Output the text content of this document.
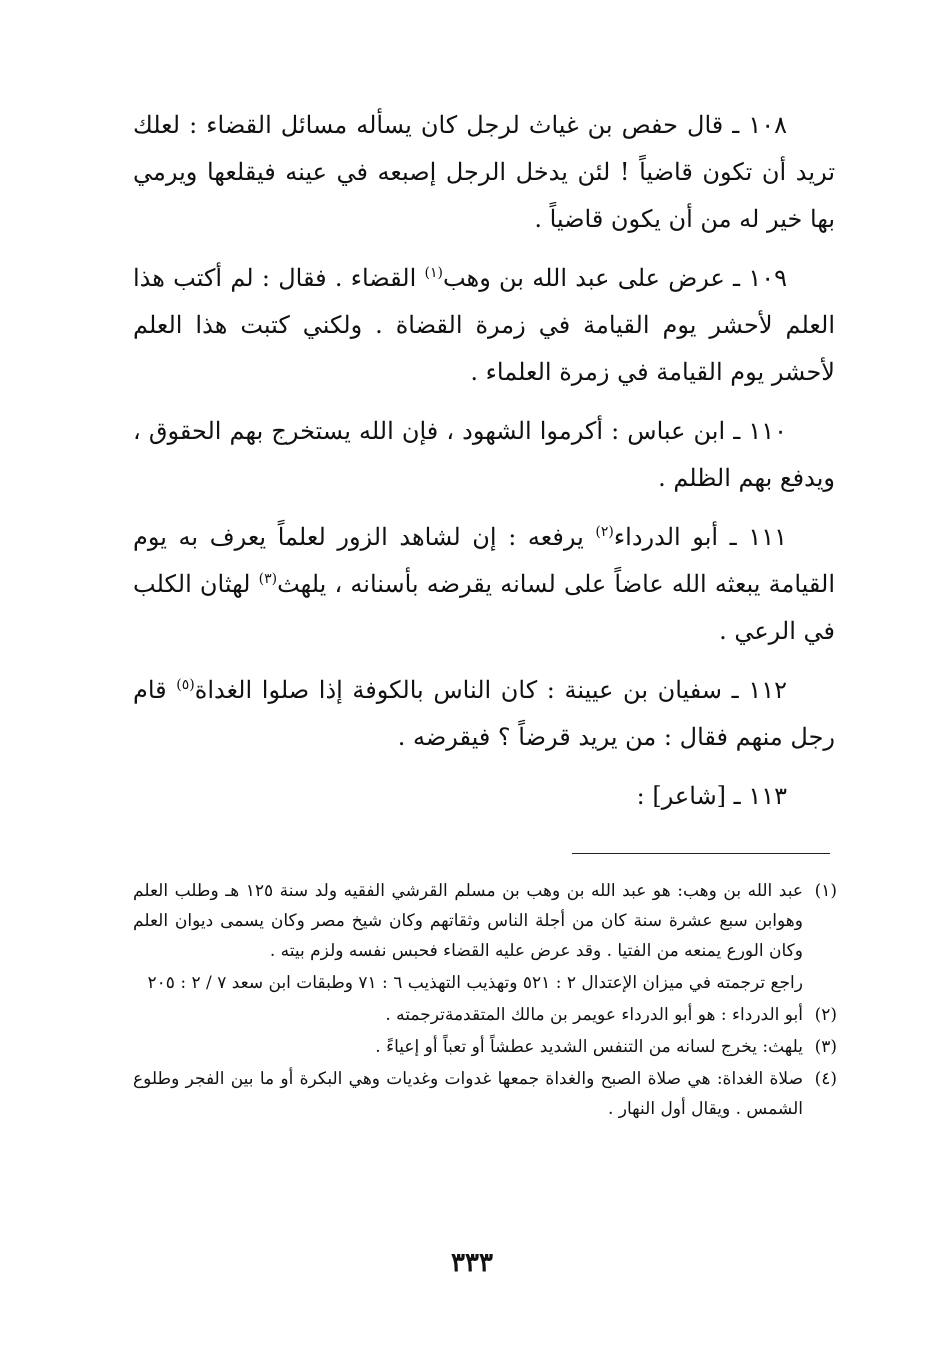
١٠٨ ـ قال حفص بن غياث لرجل كان يسأله مسائل القضاء : لعلك تريد أن تكون قاضياً ! لئن يدخل الرجل إصبعه في عينه فيقلعها ويرمي بها خير له من أن يكون قاضياً .

١٠٩ ـ عرض على عبد الله بن وهب$^{(١)}$ القضاء . فقال : لم أكتب هذا العلم لأحشر يوم القيامة في زمرة القضاة . ولكني كتبت هذا العلم لأحشر يوم القيامة في زمرة العلماء .

١١٠ ـ ابن عباس : أكرموا الشهود ، فإن الله يستخرج بهم الحقوق ، ويدفع بهم الظلم .

١١١ ـ أبو الدرداء$^{(٢)}$ يرفعه : إن لشاهد الزور لعلماً يعرف به يوم القيامة يبعثه الله عاضاً على لسانه يقرضه بأسنانه ، يلهث$^{(٣)}$ لهثان الكلب في الرعي .

١١٢ ـ سفيان بن عيينة : كان الناس بالكوفة إذا صلوا الغداة$^{(٥)}$ قام رجل منهم فقال : من يريد قرضاً ؟ فيقرضه .

١١٣ ـ [شاعر] :

(١)
عبد الله بن وهب: هو عبد الله بن وهب بن مسلم القرشي الفقيه ولد سنة ١٢٥ هـ وطلب العلم وهوابن سبع عشرة سنة كان من أجلة الناس وثقاتهم وكان شيخ مصر وكان يسمى ديوان العلم وكان الورع يمنعه من الفتيا . وقد عرض عليه القضاء فحبس نفسه ولزم بيته .
راجع ترجمته في ميزان الإعتدال ٢ : ٥٢١ وتهذيب التهذيب ٦ : ٧١ وطبقات ابن سعد ٧ / ٢ : ٢٠٥
(٢)
أبو الدرداء : هو أبو الدرداء عويمر بن مالك المتقدمةترجمته .
(٣)
يلهث: يخرج لسانه من التنفس الشديد عطشاً أو تعباً أو إعياءً .
(٤)
صلاة الغداة: هي صلاة الصبح والغداة جمعها غدوات وغديات وهي البكرة أو ما بين الفجر وطلوع الشمس . ويقال أول النهار .
٣٣٣
